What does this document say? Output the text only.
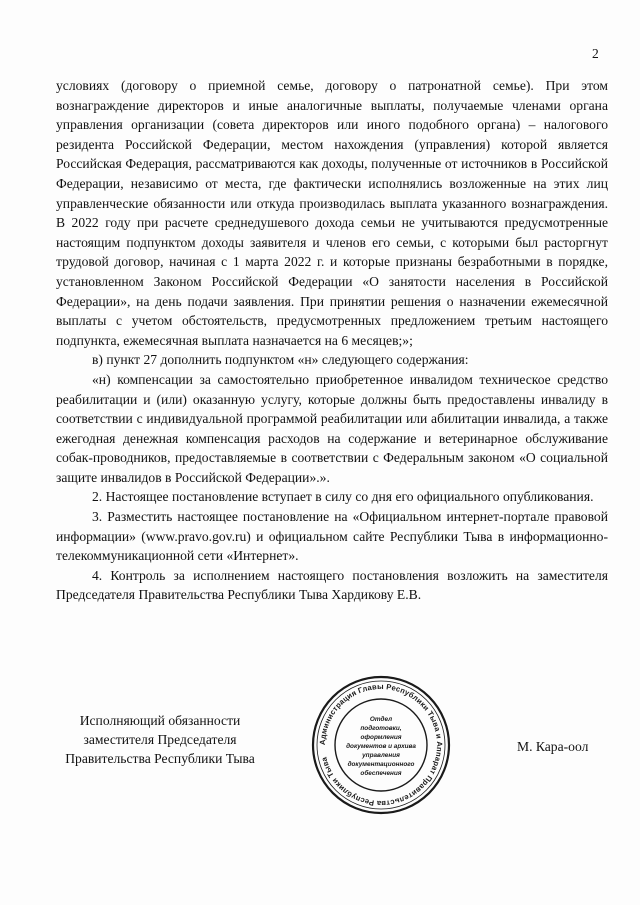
2

условиях (договору о приемной семье, договору о патронатной семье). При этом вознаграждение директоров и иные аналогичные выплаты, получаемые членами органа управления организации (совета директоров или иного подобного органа) – налогового резидента Российской Федерации, местом нахождения (управления) которой является Российская Федерация, рассматриваются как доходы, полученные от источников в Российской Федерации, независимо от места, где фактически исполнялись возложенные на этих лиц управленческие обязанности или откуда производилась выплата указанного вознаграждения. В 2022 году при расчете среднедушевого дохода семьи не учитываются предусмотренные настоящим подпунктом доходы заявителя и членов его семьи, с которыми был расторгнут трудовой договор, начиная с 1 марта 2022 г. и которые признаны безработными в порядке, установленном Законом Российской Федерации «О занятости населения в Российской Федерации», на день подачи заявления. При принятии решения о назначении ежемесячной выплаты с учетом обстоятельств, предусмотренных предложением третьим настоящего подпункта, ежемесячная выплата назначается на 6 месяцев;»;

в) пункт 27 дополнить подпунктом «н» следующего содержания:

«н) компенсации за самостоятельно приобретенное инвалидом техническое средство реабилитации и (или) оказанную услугу, которые должны быть предоставлены инвалиду в соответствии с индивидуальной программой реабилитации или абилитации инвалида, а также ежегодная денежная компенсация расходов на содержание и ветеринарное обслуживание собак-проводников, предоставляемые в соответствии с Федеральным законом «О социальной защите инвалидов в Российской Федерации».».

2. Настоящее постановление вступает в силу со дня его официального опубликования.

3. Разместить настоящее постановление на «Официальном интернет-портале правовой информации» (www.pravo.gov.ru) и официальном сайте Республики Тыва в информационно-телекоммуникационной сети «Интернет».

4. Контроль за исполнением настоящего постановления возложить на заместителя Председателя Правительства Республики Тыва Хардикову Е.В.

Исполняющий обязанности
заместителя Председателя
Правительства Республики Тыва
Администрация Главы Республики Тыва и Аппарат Правительства Республики Тыва
Отдел
подготовки,
оформления
документов и архива
управления
документационного
обеспечения
М. Кара-оол
